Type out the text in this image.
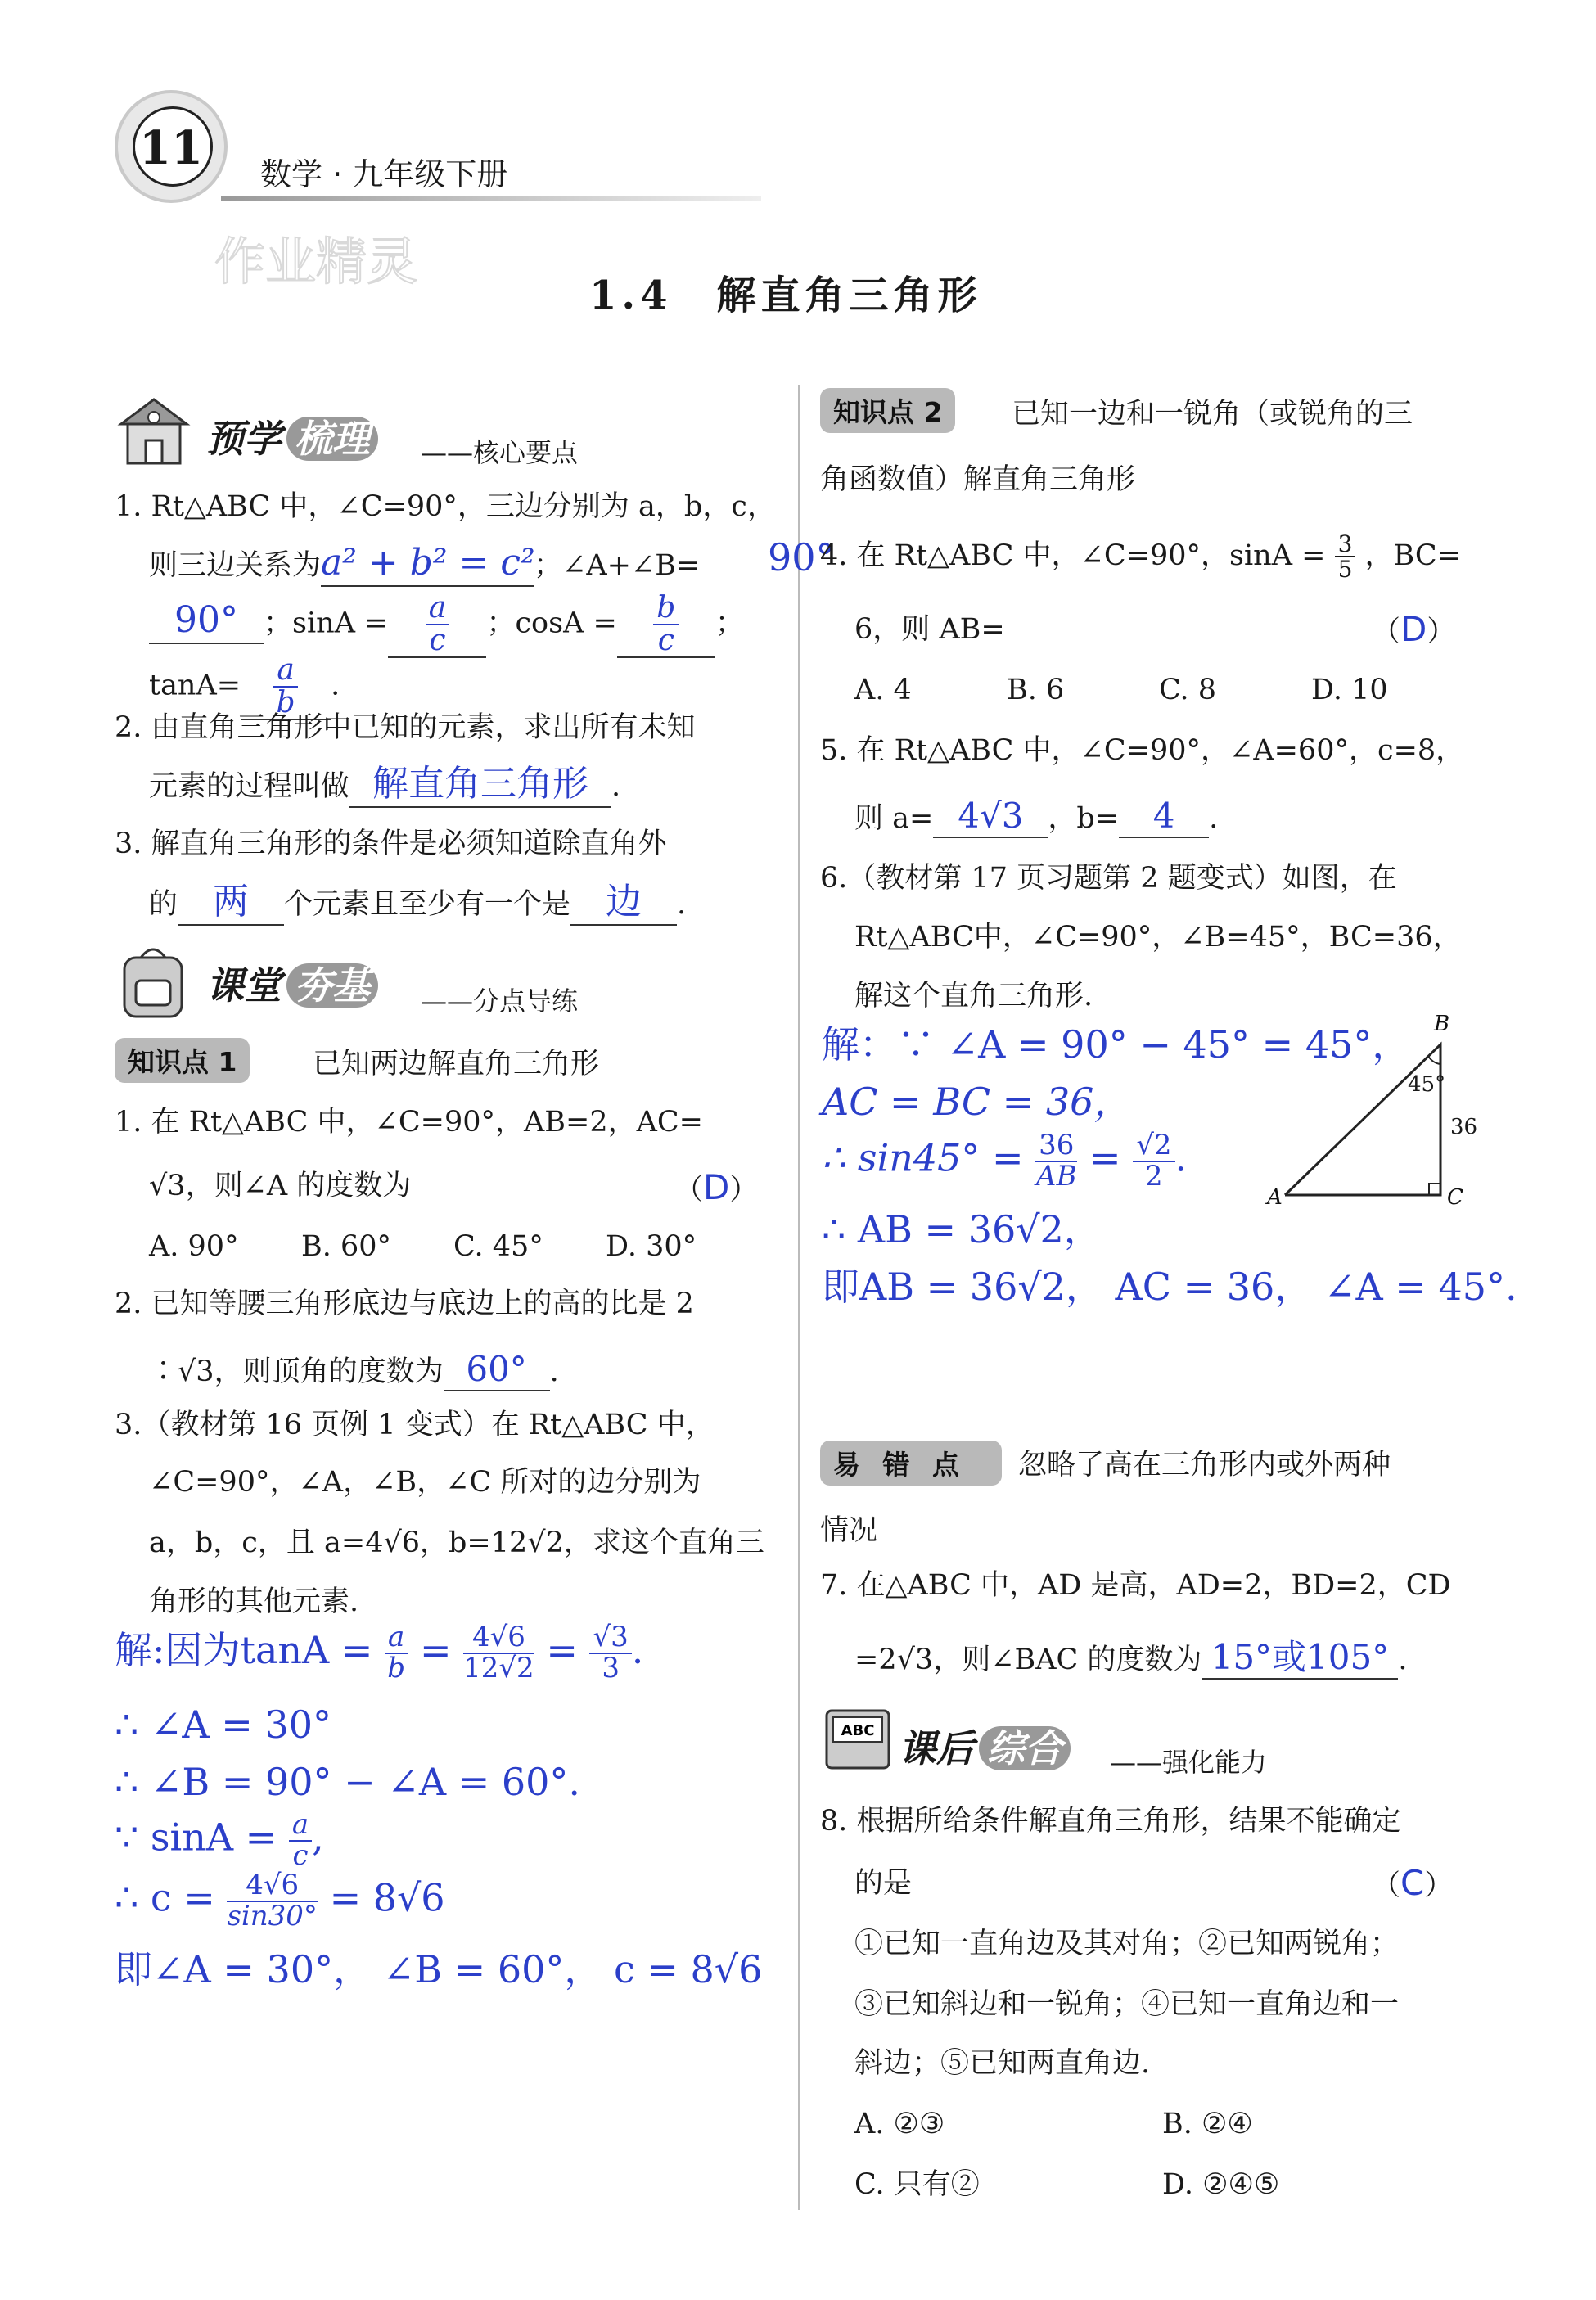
11	数学 · 九年级下册
作业精灵
1.4　解直角三角形
预学 梳理	——核心要点
1. Rt△ABC 中，∠C=90°，三边分别为 a，b，c，
则三边关系为a² + b² = c²；∠A+∠B= 90°
90° ；$\sin A = \frac{a}{c}$ ；$\cos A = \frac{b}{c}$ ；
$\tan A= \frac{a}{b}$ .
2. 由直角三角形中已知的元素，求出所有未知
元素的过程叫做 解直角三角形 .
3. 解直角三角形的条件是必须知道除直角外
的 两 个元素且至少有一个是 边 .
课堂 夯基	——分点导练
知识点 1	已知两边解直角三角形
1. 在 Rt△ABC 中，∠C=90°，AB=2，AC=
√3，则∠A 的度数为	（D）
A. 90° B. 60° C. 45° D. 30°
2. 已知等腰三角形底边与底边上的高的比是 2
∶√3，则顶角的度数为 60° .
3.（教材第 16 页例 1 变式）在 Rt△ABC 中，
∠C=90°，∠A，∠B，∠C 所对的边分别为
a，b，c，且 a=4√6，b=12√2，求这个直角三
角形的其他元素.
解:因为$\tan A = \frac{a}{b} = \frac{4√6}{12√2} = \frac{√3}{3}$ .
∴ ∠A = 30°
∴ ∠B = 90° − ∠A = 60°.
∵ $\sin A = \frac{a}{c}$ ,
∴ $c = \frac{4√6}{\sin 30^\circ} = 8√6$
即∠A = 30°， ∠B = 60°， c = 8√6
知识点 2	已知一边和一锐角（或锐角的三
角函数值）解直角三角形
4. 在 Rt△ABC 中，∠C=90°，$\sin A = \frac{3}{5}$ ，BC=
6，则 AB=	（D）
A. 4	B. 6	C. 8	D. 10
5. 在 Rt△ABC 中，∠C=90°，∠A=60°，c=8，
则 a= 4√3 ，b= 4 .
6.（教材第 17 页习题第 2 题变式）如图，在
Rt△ABC中，∠C=90°，∠B=45°，BC=36，
解这个直角三角形.
解：∵ ∠A = 90° − 45° = 45°，
AC = BC = 36，
∴ $\sin 45^\circ = \frac{36}{AB} = \frac{√2}{2}$ .
∴ AB = 36√2，
即AB = 36√2， AC = 36， ∠A = 45°.
B
A	C
45°
36
易 错 点	忽略了高在三角形内或外两种
情况
7. 在△ABC 中，AD 是高，AD=2，BD=2，CD
=2√3，则∠BAC 的度数为 15°或105° .
ABC 课后 综合	——强化能力
8. 根据所给条件解直角三角形，结果不能确定
的是	（C）
①已知一直角边及其对角；②已知两锐角；
③已知斜边和一锐角；④已知一直角边和一
斜边；⑤已知两直角边.
A. ②③	B. ②④
C. 只有②	D. ②④⑤
